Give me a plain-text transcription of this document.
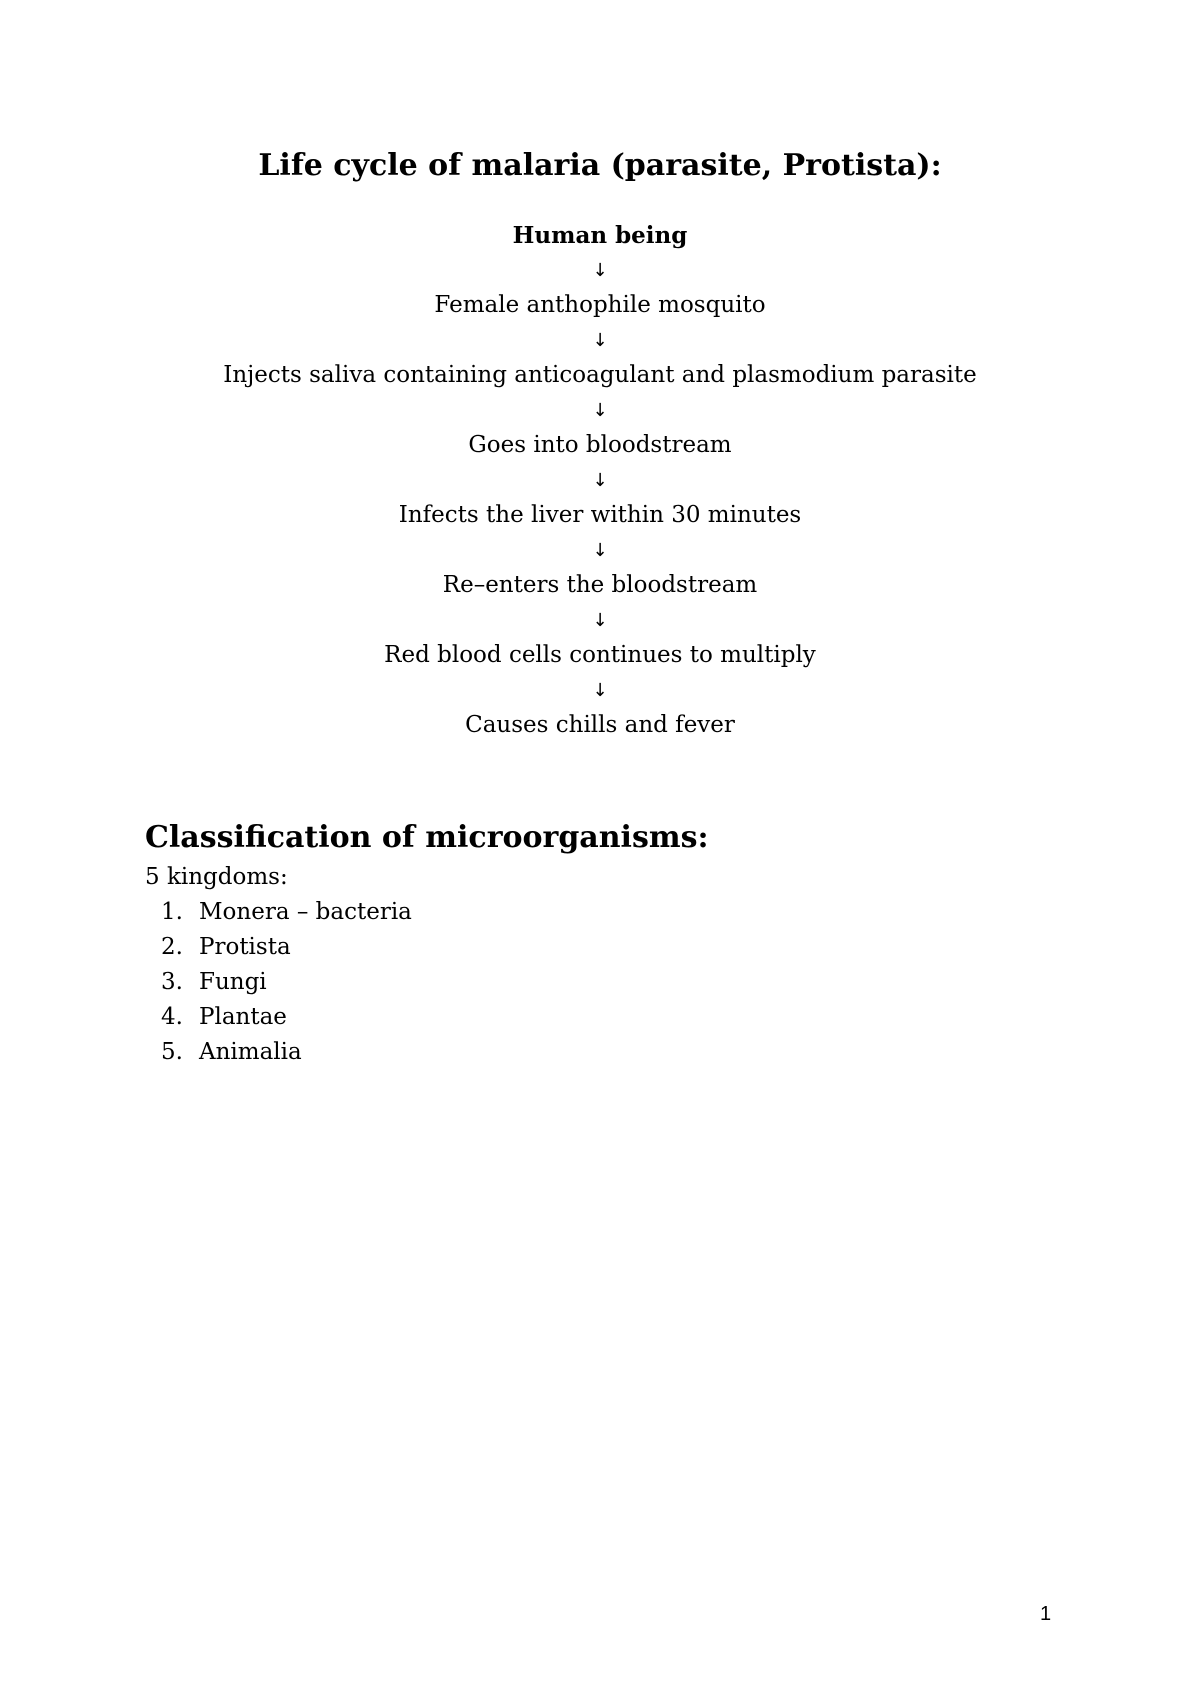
Life cycle of malaria (parasite, Protista):
Human being
↓
Female anthophile mosquito
↓
Injects saliva containing anticoagulant and plasmodium parasite
↓
Goes into bloodstream
↓
Infects the liver within 30 minutes
↓
Re–enters the bloodstream
↓
Red blood cells continues to multiply
↓
Causes chills and fever
Classification of microorganisms:
5 kingdoms:
1. Monera – bacteria
2. Protista
3. Fungi
4. Plantae
5. Animalia
1
